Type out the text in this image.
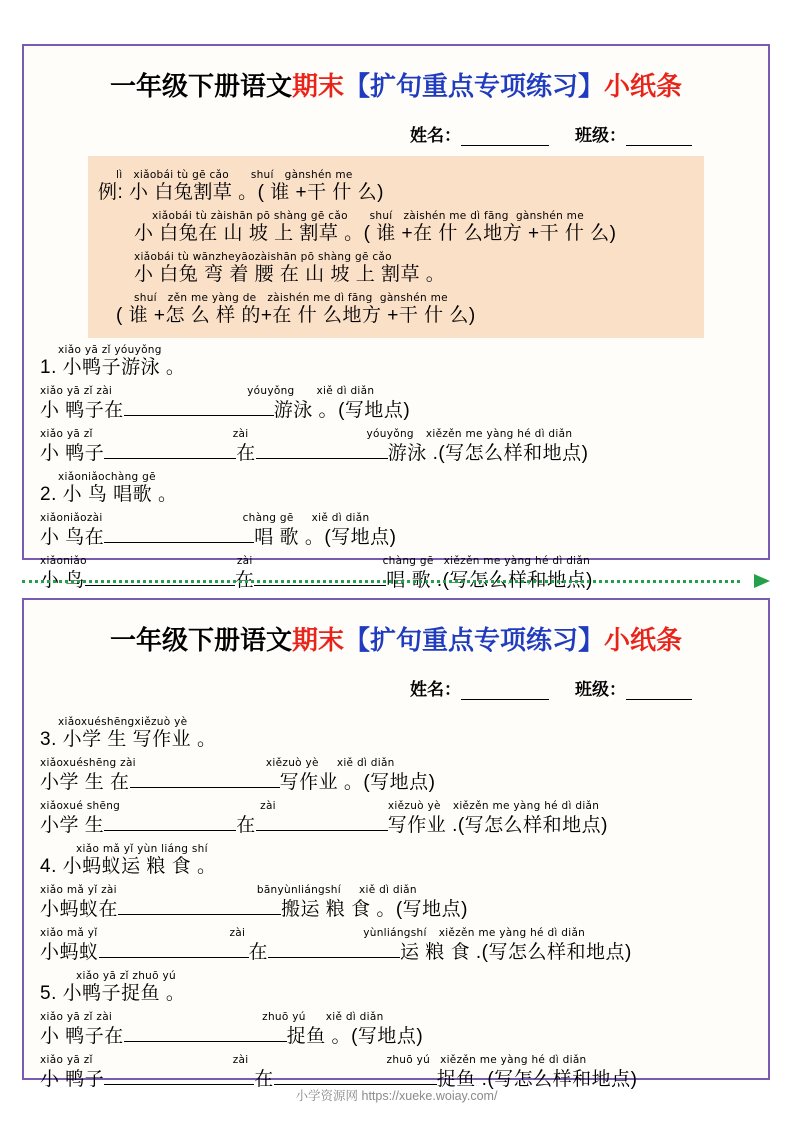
一年级下册语文期末【扩句重点专项练习】小纸条
姓名：	班级：
lì   xiǎobái tù gē cǎo      shuí   gànshén me
例: 小 白兔割草 。( 谁 +干 什 么)
xiǎobái tù zàishān pō shàng gē cǎo      shuí   zàishén me dì fāng  gànshén me
小 白兔在 山 坡 上 割草 。( 谁 +在 什 么地方 +干 什 么)
xiǎobái tù wānzheyāozàishān pō shàng gē cǎo
小 白兔 弯 着 腰 在 山 坡 上 割草 。
shuí   zěn me yàng de   zàishén me dì fāng  gànshén me
( 谁 +怎 么 样 的+在 什 么地方 +干 什 么)
xiǎo yā zǐ yóuyǒng
1. 小鸭子游泳 。
xiǎo yā zǐ zài	yóuyǒng xiě dì diǎn
小 鸭子在	游泳 。(写地点)
xiǎo yā zǐ	zài	yóuyǒng xiězěn me yàng hé dì diǎn
小 鸭子	在	游泳 .(写怎么样和地点)
xiǎoniǎochàng gē
2. 小 鸟 唱歌 。
xiǎoniǎozài	chàng gē xiě dì diǎn
小 鸟在	唱 歌 。(写地点)
xiǎoniǎo	zài	chàng gē xiězěn me yàng hé dì diǎn
小 鸟	在	唱 歌 .(写怎么样和地点)
一年级下册语文期末【扩句重点专项练习】小纸条
姓名：	班级：
xiǎoxuéshēngxiězuò yè
3. 小学 生 写作业 。
xiǎoxuéshēng zài	xiězuò yè xiě dì diǎn
小学 生 在	写作业 。(写地点)
xiǎoxué shēng	zài	xiězuò yè xiězěn me yàng hé dì diǎn
小学 生	在	写作业 .(写怎么样和地点)
xiǎo mǎ yǐ yùn liáng shí
4. 小蚂蚁运 粮 食 。
xiǎo mǎ yǐ zài	bānyùnliángshí xiě dì diǎn
小蚂蚁在	搬运 粮 食 。(写地点)
xiǎo mǎ yǐ	zài	yùnliángshí xiězěn me yàng hé dì diǎn
小蚂蚁	在	运 粮 食 .(写怎么样和地点)
xiǎo yā zǐ zhuō yú
5. 小鸭子捉鱼 。
xiǎo yā zǐ zài	zhuō yú xiě dì diǎn
小 鸭子在	捉鱼 。(写地点)
xiǎo yā zǐ	zài	zhuō yú xiězěn me yàng hé dì diǎn
小 鸭子	在	捉鱼 .(写怎么样和地点)
小学资源网 https://xueke.woiay.com/
